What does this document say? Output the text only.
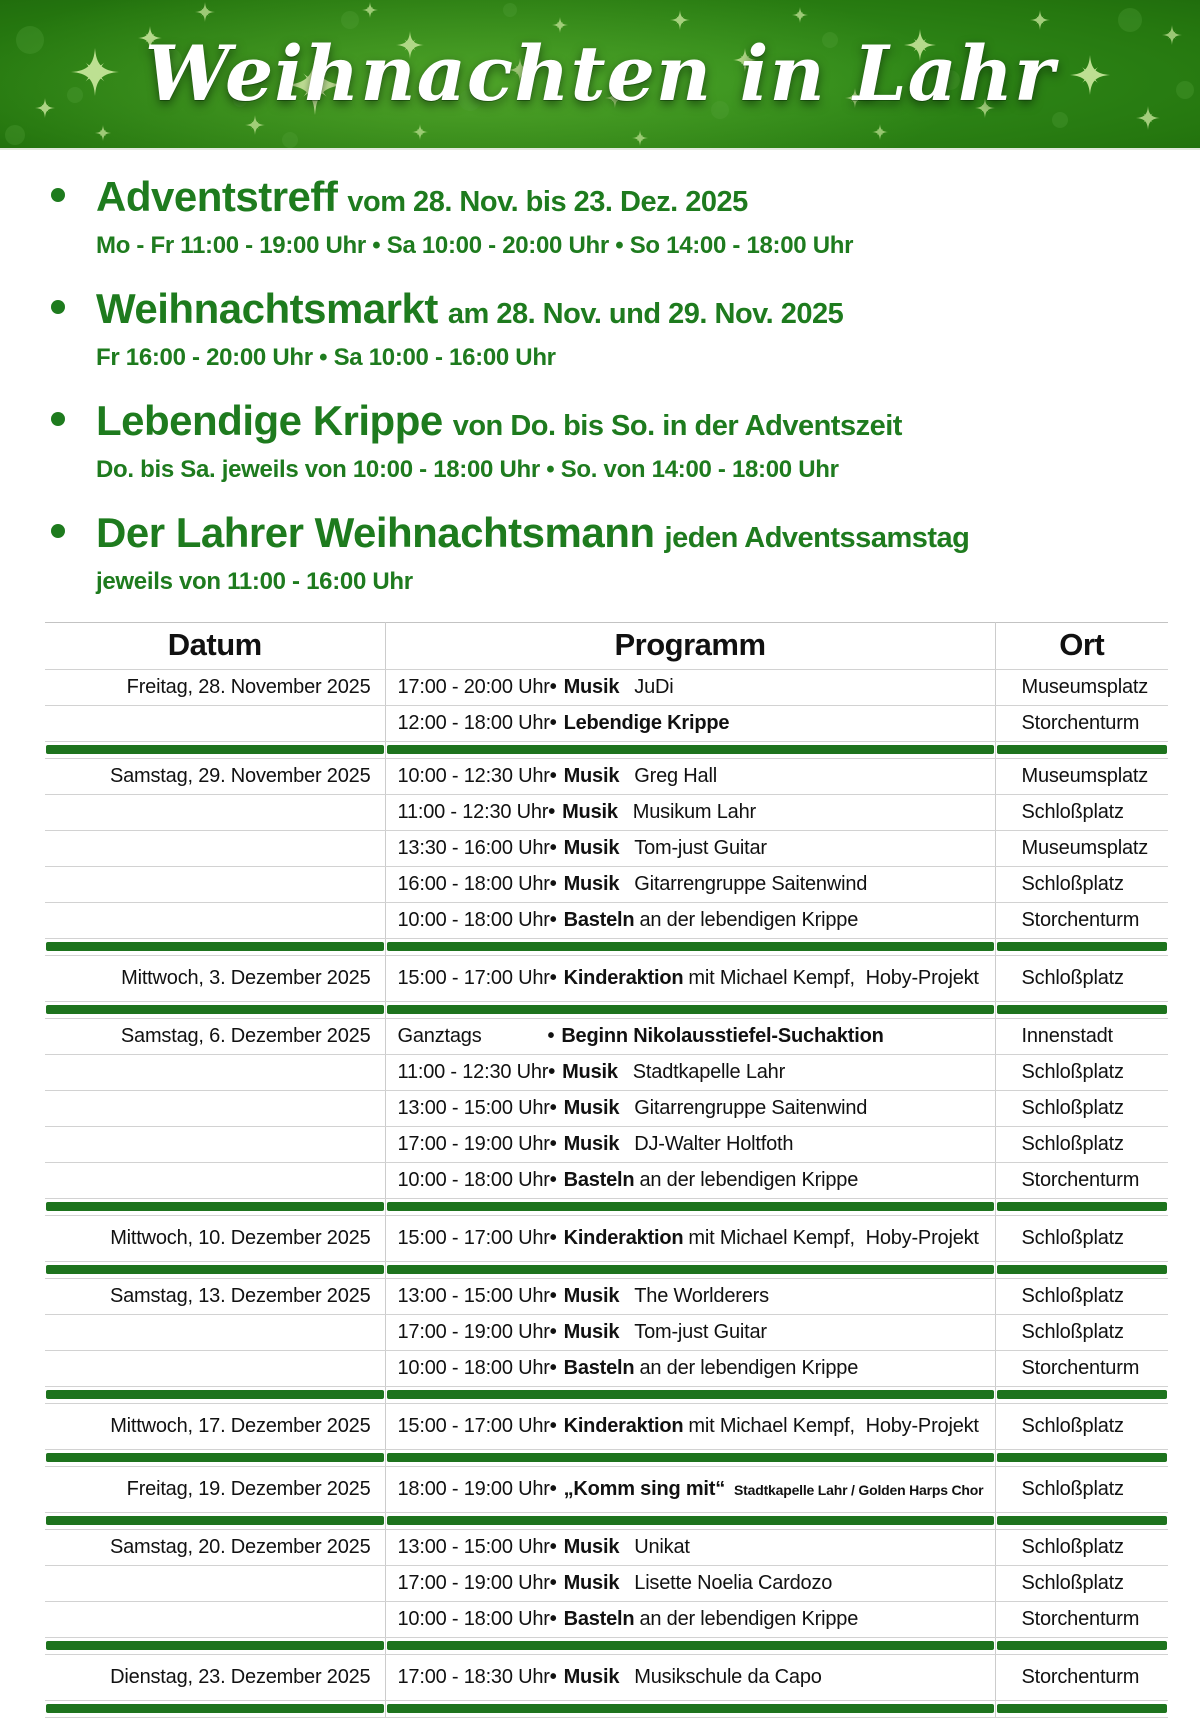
Weihnachten in Lahr
Adventstreff vom 28. Nov. bis 23. Dez. 2025
Mo - Fr 11:00 - 19:00 Uhr • Sa 10:00 - 20:00 Uhr • So 14:00 - 18:00 Uhr
Weihnachtsmarkt am 28. Nov. und 29. Nov. 2025
Fr 16:00 - 20:00 Uhr • Sa 10:00 - 16:00 Uhr
Lebendige Krippe von Do. bis So. in der Adventszeit
Do. bis Sa. jeweils von 10:00 - 18:00 Uhr • So. von 14:00 - 18:00 Uhr
Der Lahrer Weihnachtsmann jeden Adventssamstag
jeweils von 11:00 - 16:00 Uhr
Datum	Programm	Ort
Freitag, 28. November 2025	17:00 - 20:00 Uhr• Musik JuDi	Museumsplatz
	12:00 - 18:00 Uhr• Lebendige Krippe	Storchenturm

Samstag, 29. November 2025	10:00 - 12:30 Uhr• Musik Greg Hall	Museumsplatz
	11:00 - 12:30 Uhr• Musik Musikum Lahr	Schloßplatz
	13:30 - 16:00 Uhr• Musik Tom-just Guitar	Museumsplatz
	16:00 - 18:00 Uhr• Musik Gitarrengruppe Saitenwind	Schloßplatz
	10:00 - 18:00 Uhr• Basteln an der lebendigen Krippe	Storchenturm

Mittwoch, 3. Dezember 2025	15:00 - 17:00 Uhr• Kinderaktion mit Michael Kempf,  Hoby-Projekt	Schloßplatz

Samstag, 6. Dezember 2025	Ganztags • Beginn Nikolausstiefel-Suchaktion	Innenstadt
	11:00 - 12:30 Uhr• Musik Stadtkapelle Lahr	Schloßplatz
	13:00 - 15:00 Uhr• Musik Gitarrengruppe Saitenwind	Schloßplatz
	17:00 - 19:00 Uhr• Musik DJ-Walter Holtfoth	Schloßplatz
	10:00 - 18:00 Uhr• Basteln an der lebendigen Krippe	Storchenturm

Mittwoch, 10. Dezember 2025	15:00 - 17:00 Uhr• Kinderaktion mit Michael Kempf,  Hoby-Projekt	Schloßplatz

Samstag, 13. Dezember 2025	13:00 - 15:00 Uhr• Musik The Worlderers	Schloßplatz
	17:00 - 19:00 Uhr• Musik Tom-just Guitar	Schloßplatz
	10:00 - 18:00 Uhr• Basteln an der lebendigen Krippe	Storchenturm

Mittwoch, 17. Dezember 2025	15:00 - 17:00 Uhr• Kinderaktion mit Michael Kempf,  Hoby-Projekt	Schloßplatz

Freitag, 19. Dezember 2025	18:00 - 19:00 Uhr• „Komm sing mit“ Stadtkapelle Lahr / Golden Harps Chor	Schloßplatz

Samstag, 20. Dezember 2025	13:00 - 15:00 Uhr• Musik Unikat	Schloßplatz
	17:00 - 19:00 Uhr• Musik Lisette Noelia Cardozo	Schloßplatz
	10:00 - 18:00 Uhr• Basteln an der lebendigen Krippe	Storchenturm

Dienstag, 23. Dezember 2025	17:00 - 18:30 Uhr• Musik Musikschule da Capo	Storchenturm
